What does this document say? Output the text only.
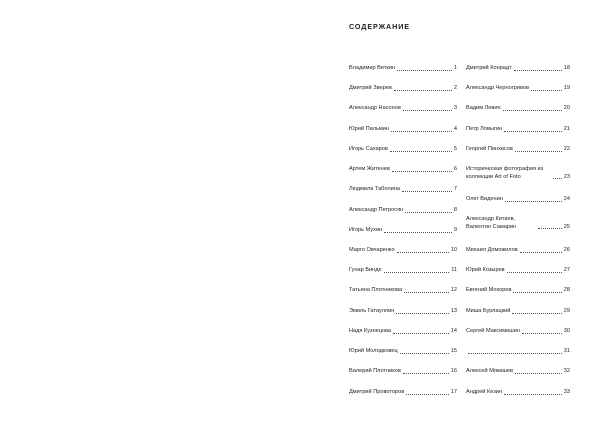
СОДЕРЖАНИЕ
Владимир Вяткин	1
Дмитрий Зверев	2
Александр Насонов	3
Юрий Пальмин	4
Игорь Сахаров	5
Артем Житенев	6
Людмила Таболина	7
Александр Петросян	8
Игорь Мухин	9
Марго Овчаренко	10
Гунар Бинде	11
Татьяна Плотникова	12
Эмиль Гатауллин	13
Надя Кузнецова	14
Юрий Молодковец	15
Валерий Плотников	16
Дмитрий Провоторов	17
Дмитрий Конрадт	18
Александр Черногривов	19
Вадим Левин	20
Петр Ловыгин	21
Георгий Пинхасов	22
Историческая фотография из коллекции Art of Foto	23
Олег Виденин	24
Александр Китаев, Валентин Самарин	25
Михаил Доможилов	26
Юрий Козырев	27
Евгений Мохорев	28
Миша Бурлацкий	29
Сергей Максимишин	30
31
Алексей Мякишев	32
Андрей Кезин	33
